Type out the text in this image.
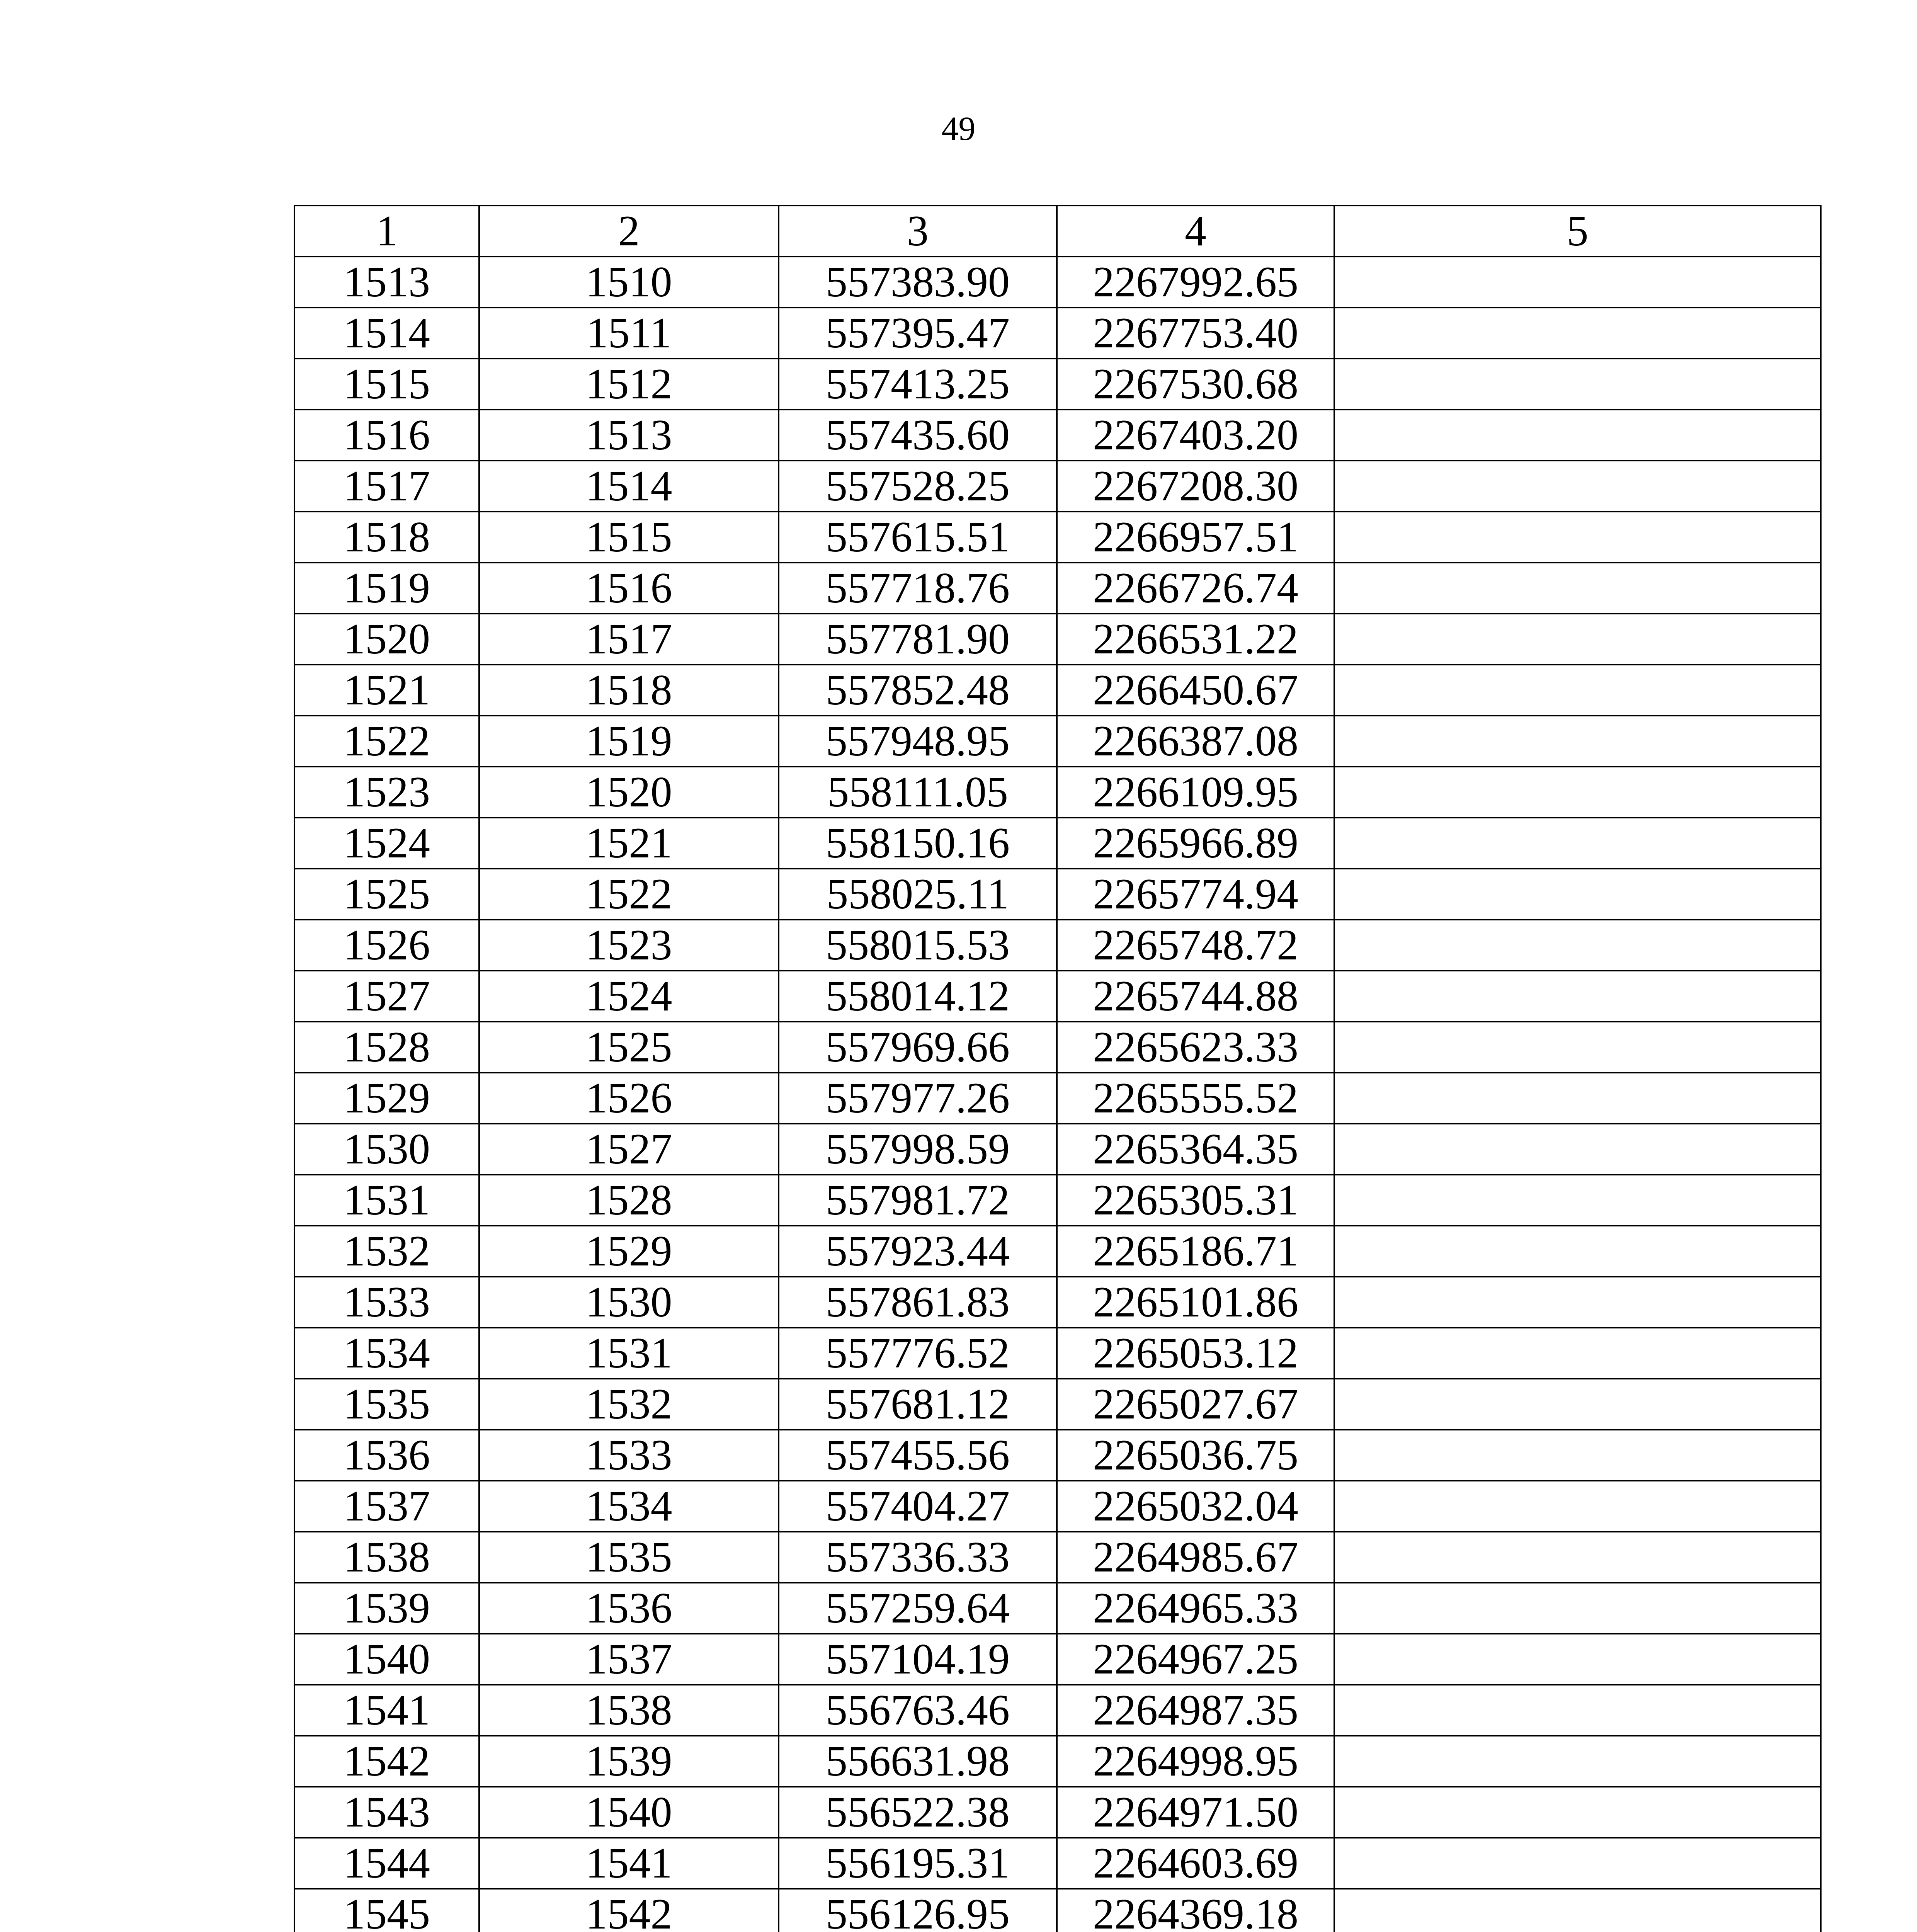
49
1	2	3	4	5
1513	1510	557383.90	2267992.65	
1514	1511	557395.47	2267753.40	
1515	1512	557413.25	2267530.68	
1516	1513	557435.60	2267403.20	
1517	1514	557528.25	2267208.30	
1518	1515	557615.51	2266957.51	
1519	1516	557718.76	2266726.74	
1520	1517	557781.90	2266531.22	
1521	1518	557852.48	2266450.67	
1522	1519	557948.95	2266387.08	
1523	1520	558111.05	2266109.95	
1524	1521	558150.16	2265966.89	
1525	1522	558025.11	2265774.94	
1526	1523	558015.53	2265748.72	
1527	1524	558014.12	2265744.88	
1528	1525	557969.66	2265623.33	
1529	1526	557977.26	2265555.52	
1530	1527	557998.59	2265364.35	
1531	1528	557981.72	2265305.31	
1532	1529	557923.44	2265186.71	
1533	1530	557861.83	2265101.86	
1534	1531	557776.52	2265053.12	
1535	1532	557681.12	2265027.67	
1536	1533	557455.56	2265036.75	
1537	1534	557404.27	2265032.04	
1538	1535	557336.33	2264985.67	
1539	1536	557259.64	2264965.33	
1540	1537	557104.19	2264967.25	
1541	1538	556763.46	2264987.35	
1542	1539	556631.98	2264998.95	
1543	1540	556522.38	2264971.50	
1544	1541	556195.31	2264603.69	
1545	1542	556126.95	2264369.18	
